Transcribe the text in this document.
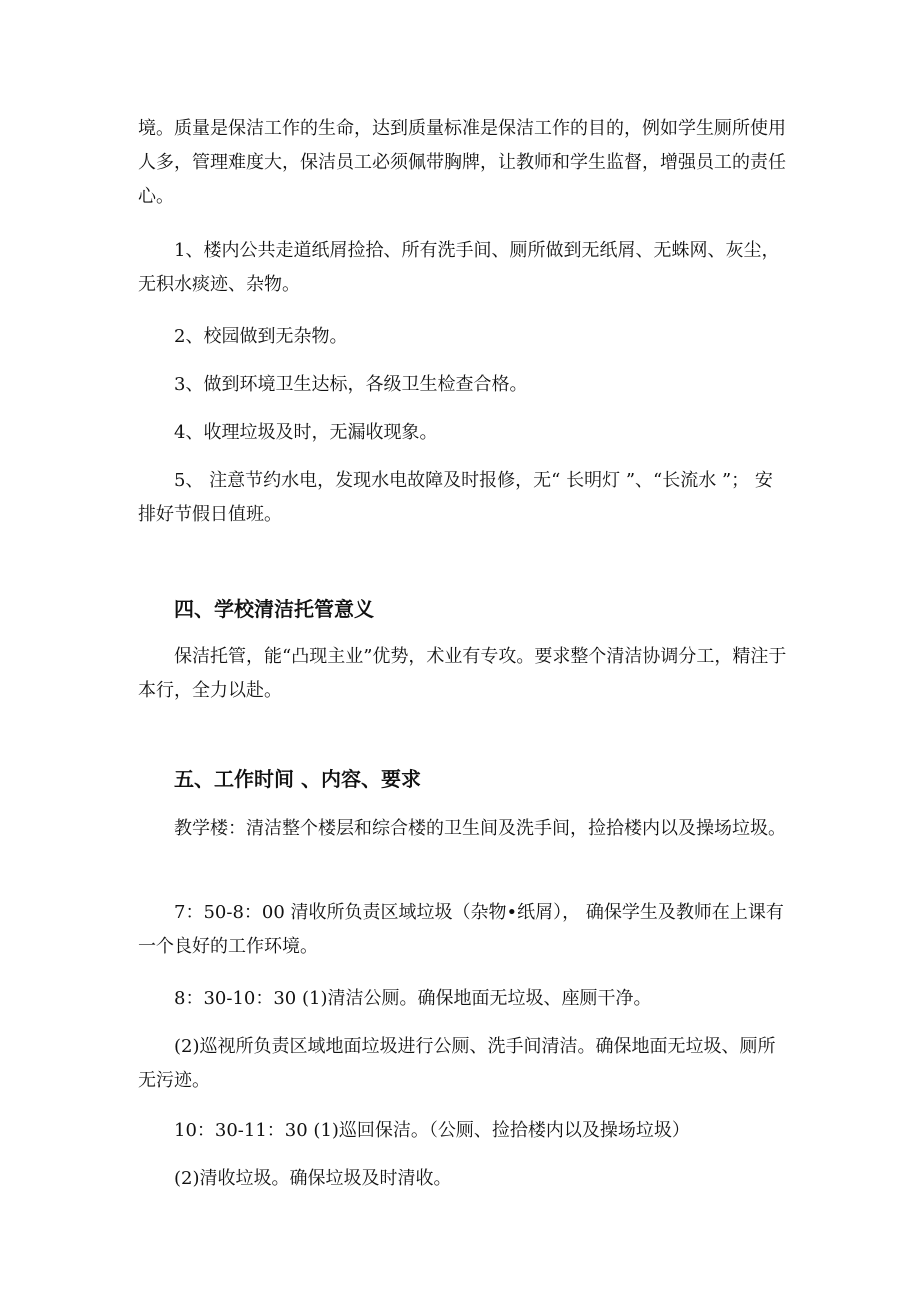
境。质量是保洁工作的生命，达到质量标准是保洁工作的目的，例如学生厕所使用人多，管理难度大，保洁员工必须佩带胸牌，让教师和学生监督，增强员工的责任心。

1、楼内公共走道纸屑捡拾、所有洗手间、厕所做到无纸屑、无蛛网、灰尘，无积水痰迹、杂物。

2、校园做到无杂物。

3、做到环境卫生达标，各级卫生检查合格。

4、收理垃圾及时，无漏收现象。

5、 注意节约水电，发现水电故障及时报修，无“ 长明灯 ”、“长流水 ”； 安排好节假日值班。

四、学校清洁托管意义

保洁托管，能“凸现主业”优势，术业有专攻。要求整个清洁协调分工，精注于本行，全力以赴。

五、工作时间 、内容、要求

教学楼：清洁整个楼层和综合楼的卫生间及洗手间，捡拾楼内以及操场垃圾。

7：50-8：00 清收所负责区域垃圾（杂物•纸屑）， 确保学生及教师在上课有一个良好的工作环境。

8：30-10：30 (1)清洁公厕。确保地面无垃圾、座厕干净。

(2)巡视所负责区域地面垃圾进行公厕、洗手间清洁。确保地面无垃圾、厕所无污迹。

10：30-11：30 (1)巡回保洁。（公厕、捡拾楼内以及操场垃圾）

(2)清收垃圾。确保垃圾及时清收。
